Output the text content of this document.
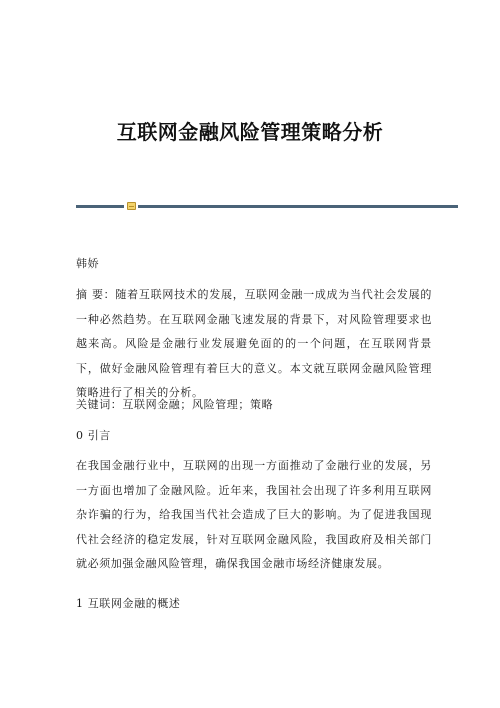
互联网金融风险管理策略分析
韩娇
摘 要：随着互联网技术的发展，互联网金融一成成为当代社会发展的一种必然趋势。在互联网金融飞速发展的背景下，对风险管理要求也越来高。风险是金融行业发展避免面的的一个问题，在互联网背景下，做好金融风险管理有着巨大的意义。本文就互联网金融风险管理策略进行了相关的分析。
关键词：互联网金融；风险管理；策略
0 引言
在我国金融行业中，互联网的出现一方面推动了金融行业的发展，另一方面也增加了金融风险。近年来，我国社会出现了许多利用互联网杂诈骗的行为，给我国当代社会造成了巨大的影响。为了促进我国现代社会经济的稳定发展，针对互联网金融风险，我国政府及相关部门就必须加强金融风险管理，确保我国金融市场经济健康发展。
1 互联网金融的概述
